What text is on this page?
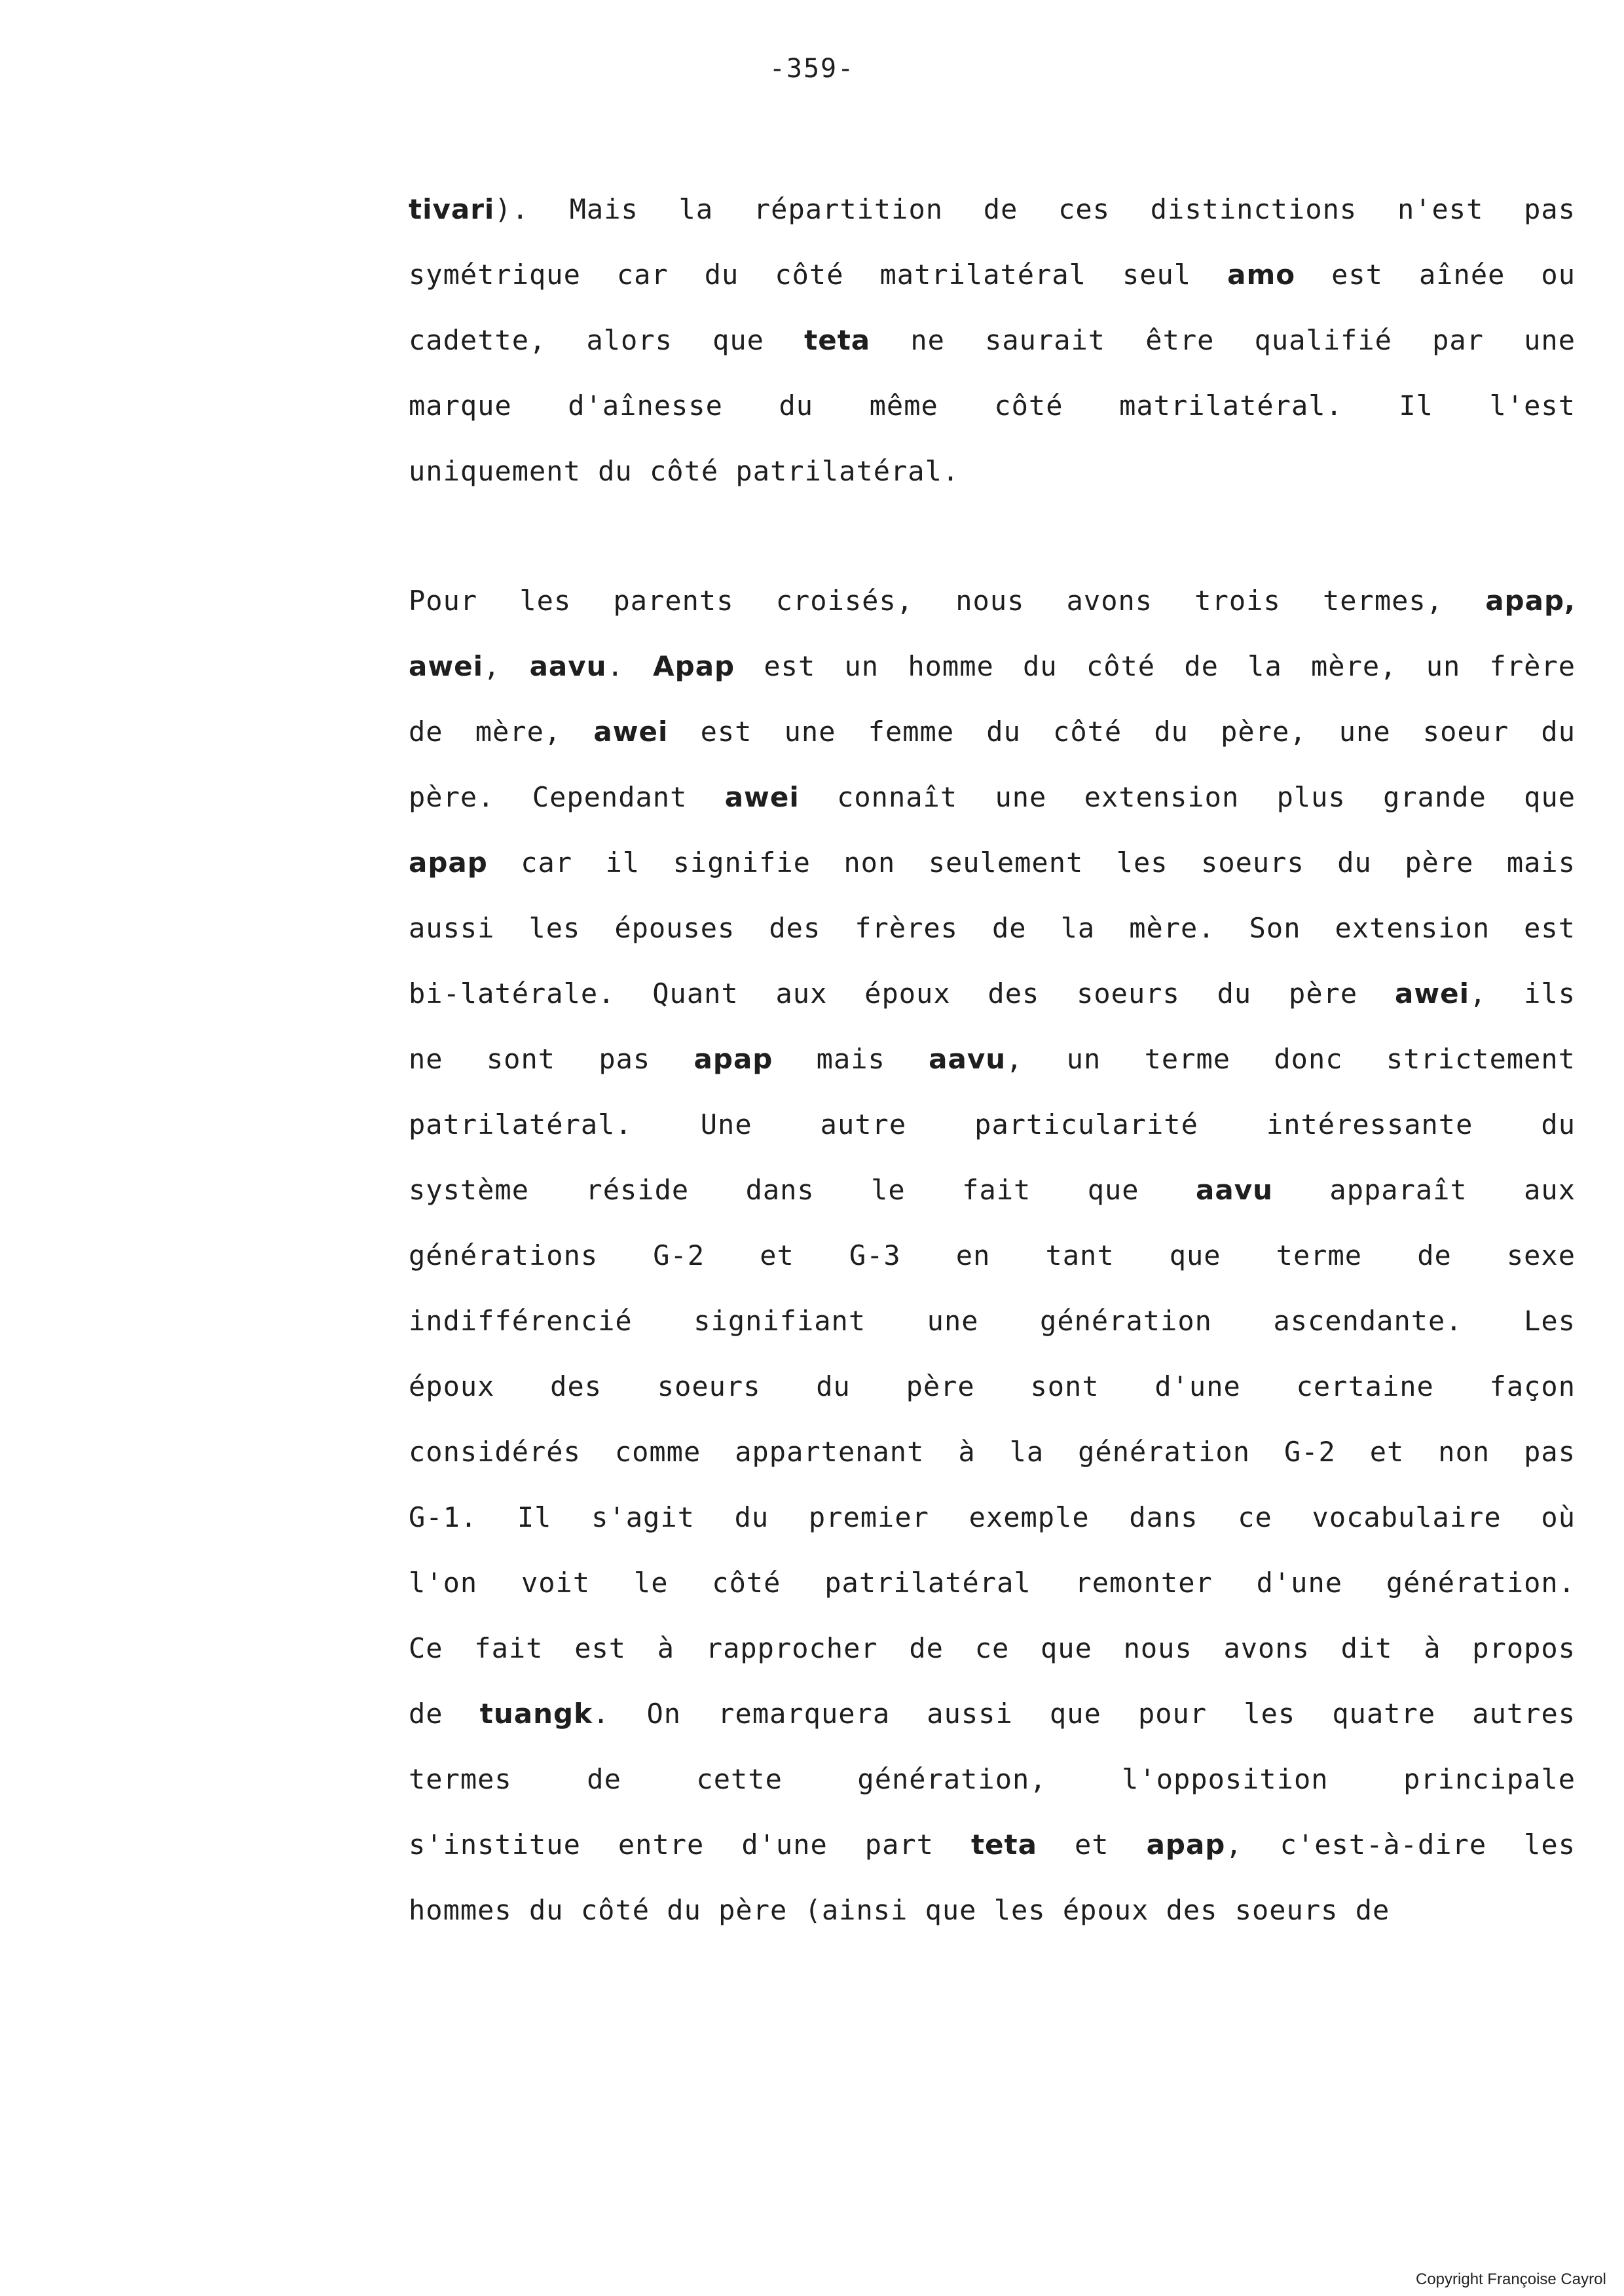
-359-
tivari). Mais la répartition de ces distinctions n'est pas
symétrique car du côté matrilatéral seul amo est aînée ou
cadette, alors que teta ne saurait être qualifié par une
marque d'aînesse du même côté matrilatéral. Il l'est
uniquement du côté patrilatéral.
Pour les parents croisés, nous avons trois termes, apap,
awei, aavu. Apap est un homme du côté de la mère, un frère
de mère, awei est une femme du côté du père, une soeur du
père. Cependant awei connaît une extension plus grande que
apap car il signifie non seulement les soeurs du père mais
aussi les épouses des frères de la mère. Son extension est
bi-latérale. Quant aux époux des soeurs du père awei, ils
ne sont pas apap mais aavu, un terme donc strictement
patrilatéral. Une autre particularité intéressante du
système réside dans le fait que aavu apparaît aux
générations G-2 et G-3 en tant que terme de sexe
indifférencié signifiant une génération ascendante. Les
époux des soeurs du père sont d'une certaine façon
considérés comme appartenant à la génération G-2 et non pas
G-1. Il s'agit du premier exemple dans ce vocabulaire où
l'on voit le côté patrilatéral remonter d'une génération.
Ce fait est à rapprocher de ce que nous avons dit à propos
de tuangk. On remarquera aussi que pour les quatre autres
termes de cette génération, l'opposition principale
s'institue entre d'une part teta et apap, c'est-à-dire les
hommes du côté du père (ainsi que les époux des soeurs de
Copyright Françoise Cayrol
